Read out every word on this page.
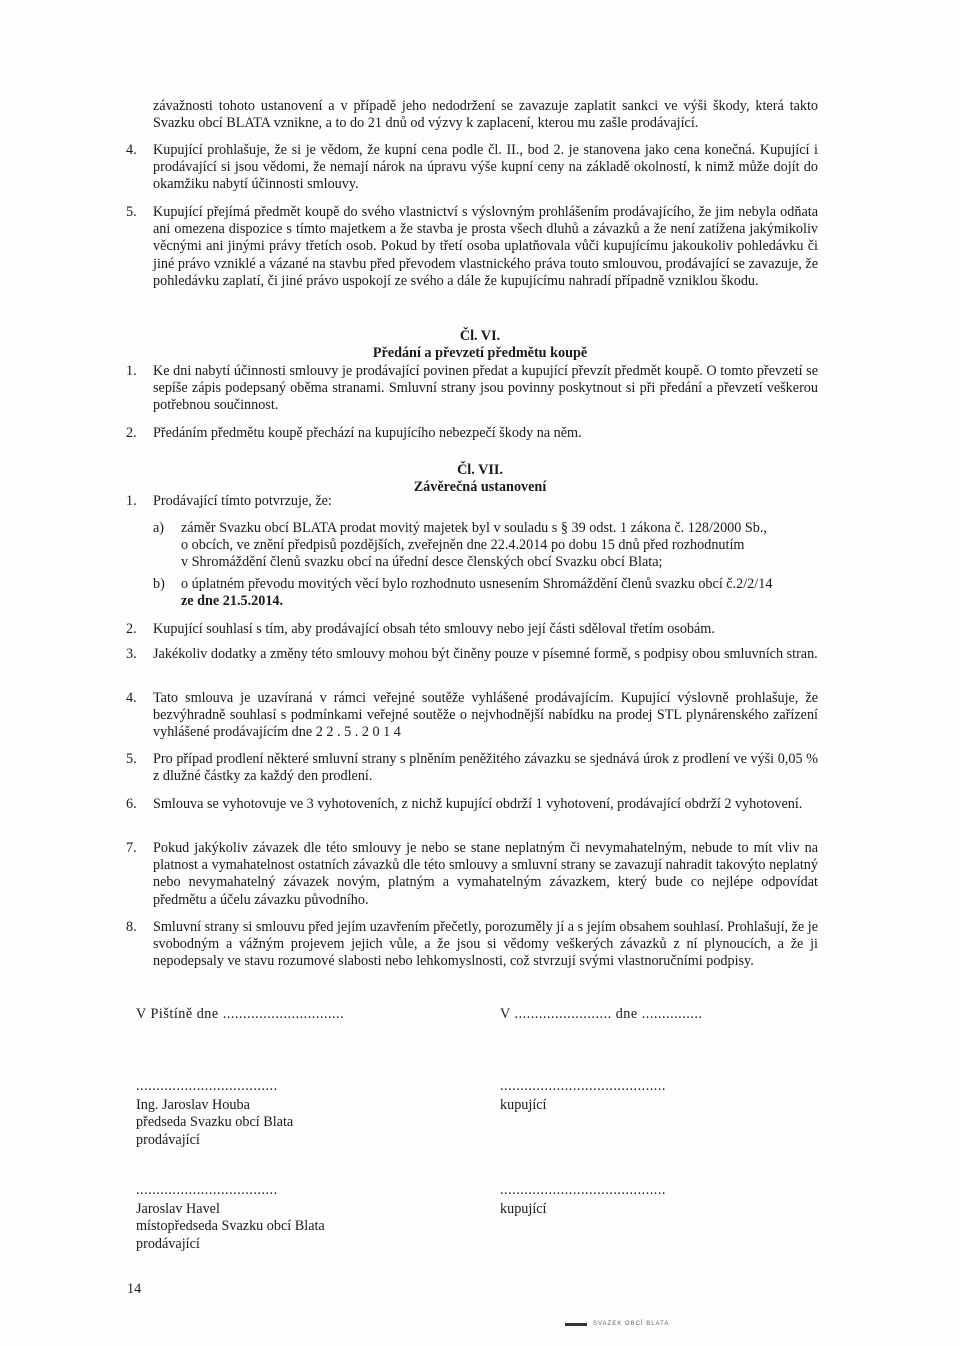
závažnosti tohoto ustanovení a v případě jeho nedodržení se zavazuje zaplatit sankci ve výši škody, která takto Svazku obcí BLATA vznikne, a to do 21 dnů od výzvy k zaplacení, kterou mu zašle prodávající.
4.	Kupující prohlašuje, že si je vědom, že kupní cena podle čl. II., bod 2. je stanovena jako cena konečná. Kupující i prodávající si jsou vědomi, že nemají nárok na úpravu výše kupní ceny na základě okolností, k nimž může dojít do okamžiku nabytí účinnosti smlouvy.
5.	Kupující přejímá předmět koupě do svého vlastnictví s výslovným prohlášením prodávajícího, že jim nebyla odňata ani omezena dispozice s tímto majetkem a že stavba je prosta všech dluhů a závazků a že není zatížena jakýmikoliv věcnými ani jinými právy třetích osob. Pokud by třetí osoba uplatňovala vůči kupujícímu jakoukoliv pohledávku či jiné právo vzniklé a vázané na stavbu před převodem vlastnického práva touto smlouvou, prodávající se zavazuje, že pohledávku zaplatí, či jiné právo uspokojí ze svého a dále že kupujícímu nahradí případně vzniklou škodu.
Čl. VI.
Předání a převzetí předmětu koupě
1.	Ke dni nabytí účinnosti smlouvy je prodávající povinen předat a kupující převzít předmět koupě. O tomto převzetí se sepíše zápis podepsaný oběma stranami. Smluvní strany jsou povinny poskytnout si při předání a převzetí veškerou potřebnou součinnost.
2.	Předáním předmětu koupě přechází na kupujícího nebezpečí škody na něm.
Čl. VII.
Závěrečná ustanovení
1.	Prodávající tímto potvrzuje, že:
a) záměr Svazku obcí BLATA prodat movitý majetek byl v souladu s § 39 odst. 1 zákona č. 128/2000 Sb.,
o obcích, ve znění předpisů pozdějších, zveřejněn dne 22.4.2014 po dobu 15 dnů před rozhodnutím
v Shromáždění členů svazku obcí na úřední desce členských obcí Svazku obcí Blata;
b) o úplatném převodu movitých věcí bylo rozhodnuto usnesením Shromáždění členů svazku obcí č.2/2/14
ze dne 21.5.2014.
2.	Kupující souhlasí s tím, aby prodávající obsah této smlouvy nebo její části sděloval třetím osobám.
3.	Jakékoliv dodatky a změny této smlouvy mohou být činěny pouze v písemné formě, s podpisy obou smluvních stran.
4.	Tato smlouva je uzavíraná v rámci veřejné soutěže vyhlášené prodávajícím. Kupující výslovně prohlašuje, že bezvýhradně souhlasí s podmínkami veřejné soutěže o nejvhodnější nabídku na prodej STL plynárenského zařízení vyhlášené prodávajícím dne 2 2 . 5 . 2 0 1 4
5.	Pro případ prodlení některé smluvní strany s plněním peněžitého závazku se sjednává úrok z prodlení ve výši 0,05 % z dlužné částky za každý den prodlení.
6.	Smlouva se vyhotovuje ve 3 vyhotoveních, z nichž kupující obdrží 1 vyhotovení, prodávající obdrží 2 vyhotovení.
7.	Pokud jakýkoliv závazek dle této smlouvy je nebo se stane neplatným či nevymahatelným, nebude to mít vliv na platnost a vymahatelnost ostatních závazků dle této smlouvy a smluvní strany se zavazují nahradit takovýto neplatný nebo nevymahatelný závazek novým, platným a vymahatelným závazkem, který bude co nejlépe odpovídat předmětu a účelu závazku původního.
8.	Smluvní strany si smlouvu před jejím uzavřením přečetly, porozuměly jí a s jejím obsahem souhlasí. Prohlašují, že je svobodným a vážným projevem jejich vůle, a že jsou si vědomy veškerých závazků z ní plynoucích, a že ji nepodepsaly ve stavu rozumové slabosti nebo lehkomyslnosti, což stvrzují svými vlastnoručními podpisy.
V Pištíně dne ..............................	V ........................ dne ...............
...................................
Ing. Jaroslav Houba
předseda Svazku obcí Blata
prodávající
.........................................
kupující
...................................
Jaroslav Havel
místopředseda Svazku obcí Blata
prodávající
.........................................
kupující
14
SVAZEK OBCÍ BLATA
